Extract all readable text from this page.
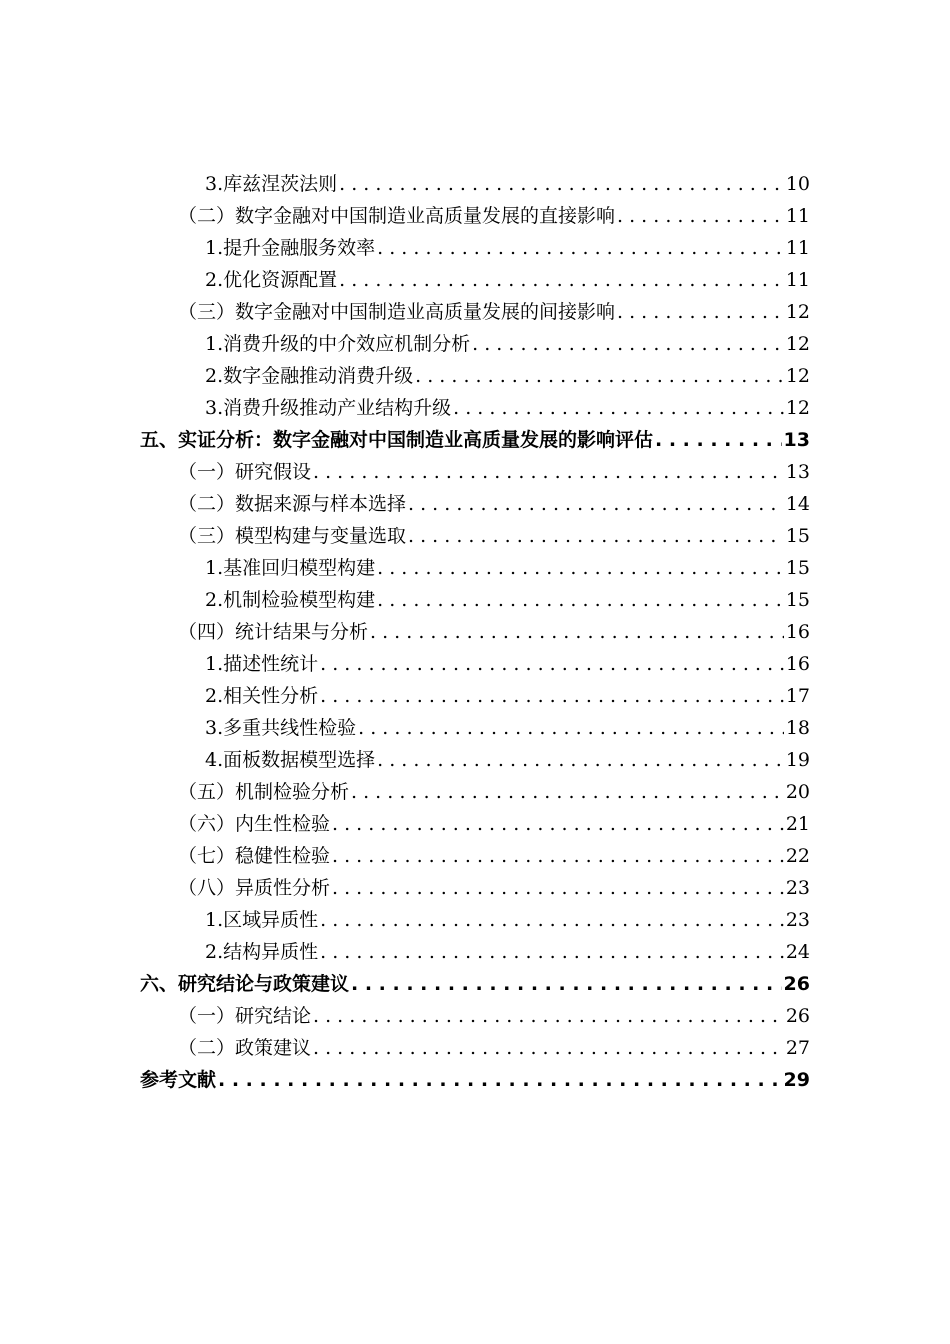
3.库兹涅茨法则 . . .	10
（二）数字金融对中国制造业高质量发展的直接影响 . . .	11
1.提升金融服务效率 . . .	11
2.优化资源配置 . . .	11
（三）数字金融对中国制造业高质量发展的间接影响 . . .	12
1.消费升级的中介效应机制分析 . . .	12
2.数字金融推动消费升级 . . .	12
3.消费升级推动产业结构升级 . . .	12
五、实证分析：数字金融对中国制造业高质量发展的影响评估 . . .	13
（一）研究假设 . . .	13
（二）数据来源与样本选择 . . .	14
（三）模型构建与变量选取 . . .	15
1.基准回归模型构建 . . .	15
2.机制检验模型构建 . . .	15
（四）统计结果与分析 . . .	16
1.描述性统计 . . .	16
2.相关性分析 . . .	17
3.多重共线性检验 . . .	18
4.面板数据模型选择 . . .	19
（五）机制检验分析 . . .	20
（六）内生性检验 . . .	21
（七）稳健性检验 . . .	22
（八）异质性分析 . . .	23
1.区域异质性 . . .	23
2.结构异质性 . . .	24
六、研究结论与政策建议 . . .	26
（一）研究结论 . . .	26
（二）政策建议 . . .	27
参考文献 . . .	29
